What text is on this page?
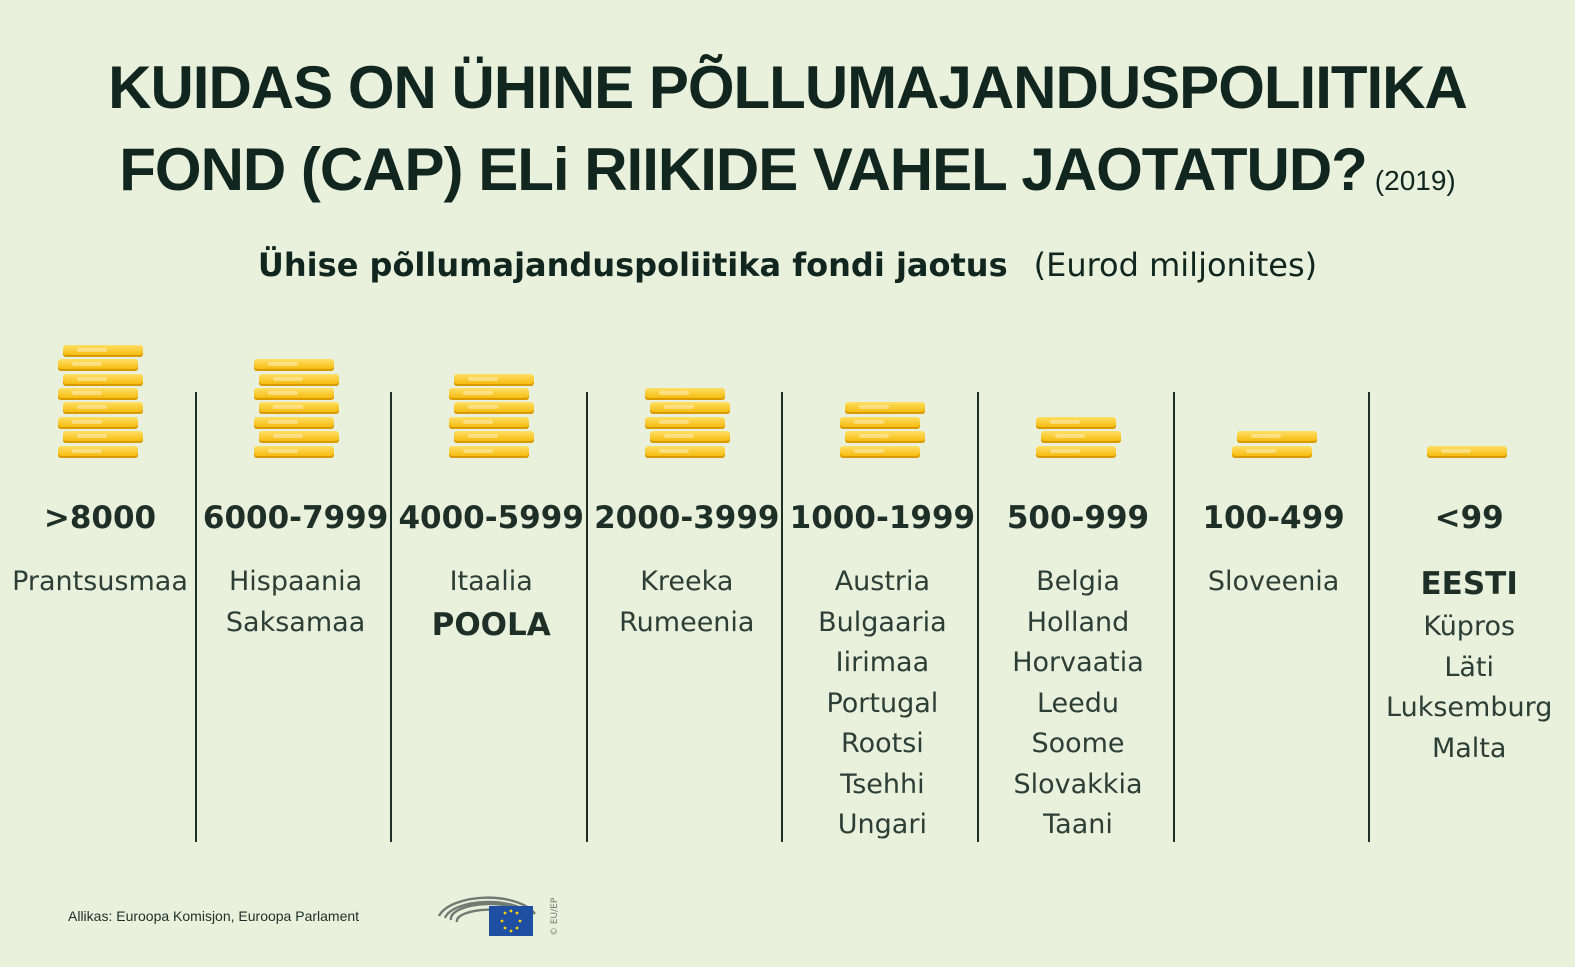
KUIDAS ON ÜHINE PÕLLUMAJANDUSPOLIITIKA
FOND (CAP) ELi RIIKIDE VAHEL JAOTATUD? (2019)
Ühise põllumajanduspoliitika fondi jaotus (Eurod miljonites)
>8000
Prantsusmaa
6000-7999
Hispaania
Saksamaa
4000-5999
Itaalia
POOLA
2000-3999
Kreeka
Rumeenia
1000-1999
Austria
Bulgaaria
Iirimaa
Portugal
Rootsi
Tsehhi
Ungari
500-999
Belgia
Holland
Horvaatia
Leedu
Soome
Slovakkia
Taani
100-499
Sloveenia
<99
EESTI
Küpros
Läti
Luksemburg
Malta
Allikas: Euroopa Komisjon, Euroopa Parlament	© EU/EP
